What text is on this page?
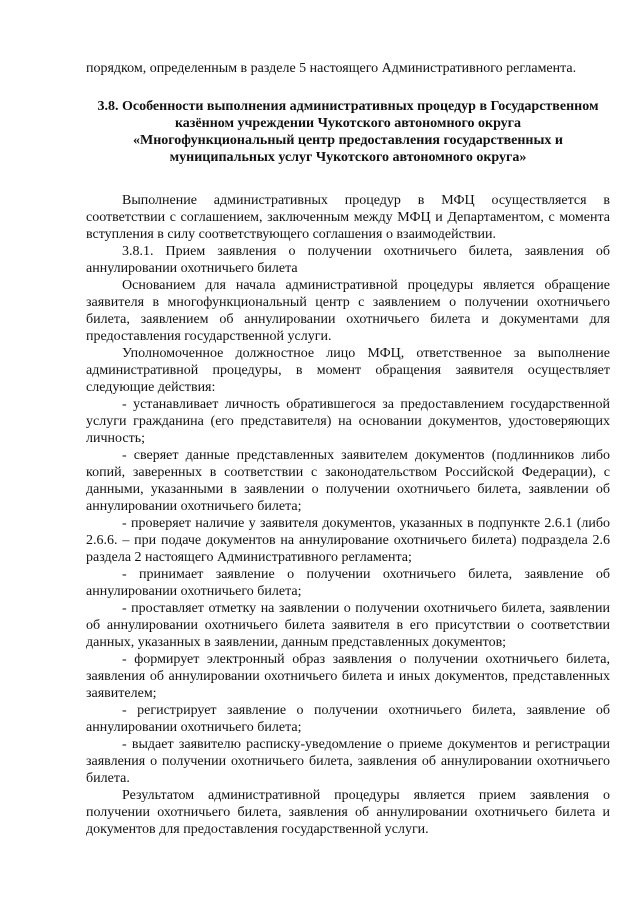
порядком, определенным в разделе 5 настоящего Административного регламента.

3.8. Особенности выполнения административных процедур в Государственном
казённом учреждении Чукотского автономного округа
«Многофункциональный центр предоставления государственных и
муниципальных услуг Чукотского автономного округа»

Выполнение административных процедур в МФЦ осуществляется в соответствии с соглашением, заключенным между МФЦ и Департаментом, с момента вступления в силу соответствующего соглашения о взаимодействии.

3.8.1. Прием заявления о получении охотничьего билета, заявления об аннулировании охотничьего билета

Основанием для начала административной процедуры является обращение заявителя в многофункциональный центр с заявлением о получении охотничьего билета, заявлением об аннулировании охотничьего билета и документами для предоставления государственной услуги.

Уполномоченное должностное лицо МФЦ, ответственное за выполнение административной процедуры, в момент обращения заявителя осуществляет следующие действия:

- устанавливает личность обратившегося за предоставлением государственной услуги гражданина (его представителя) на основании документов, удостоверяющих личность;

- сверяет данные представленных заявителем документов (подлинников либо копий, заверенных в соответствии с законодательством Российской Федерации), с данными, указанными в заявлении о получении охотничьего билета, заявлении об аннулировании охотничьего билета;

- проверяет наличие у заявителя документов, указанных в подпункте 2.6.1 (либо 2.6.6. – при подаче документов на аннулирование охотничьего билета) подраздела 2.6 раздела 2 настоящего Административного регламента;

- принимает заявление о получении охотничьего билета, заявление об аннулировании охотничьего билета;

- проставляет отметку на заявлении о получении охотничьего билета, заявлении об аннулировании охотничьего билета заявителя в его присутствии о соответствии данных, указанных в заявлении, данным представленных документов;

- формирует электронный образ заявления о получении охотничьего билета, заявления об аннулировании охотничьего билета и иных документов, представленных заявителем;

- регистрирует заявление о получении охотничьего билета, заявление об аннулировании охотничьего билета;

- выдает заявителю расписку-уведомление о приеме документов и регистрации заявления о получении охотничьего билета, заявления об аннулировании охотничьего билета.

Результатом административной процедуры является прием заявления о получении охотничьего билета, заявления об аннулировании охотничьего билета и документов для предоставления государственной услуги.
